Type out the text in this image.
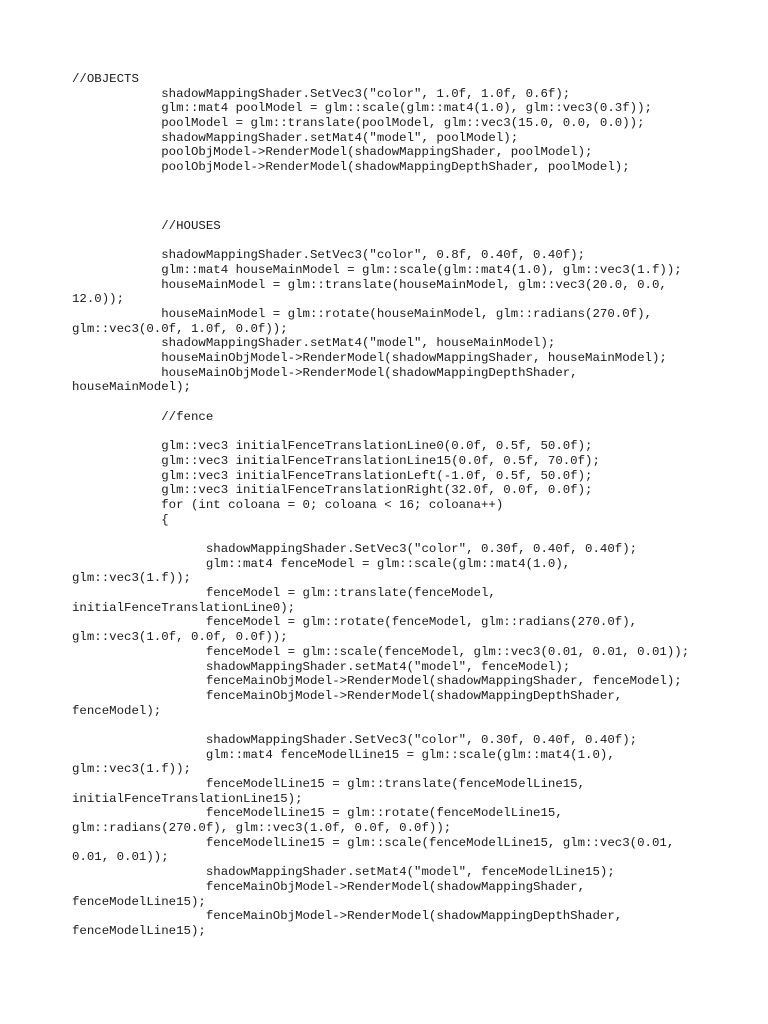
//OBJECTS
shadowMappingShader.SetVec3("color", 1.0f, 1.0f, 0.6f);
glm::mat4 poolModel = glm::scale(glm::mat4(1.0), glm::vec3(0.3f));
poolModel = glm::translate(poolModel, glm::vec3(15.0, 0.0, 0.0));
shadowMappingShader.setMat4("model", poolModel);
poolObjModel->RenderModel(shadowMappingShader, poolModel);
poolObjModel->RenderModel(shadowMappingDepthShader, poolModel);
//HOUSES
shadowMappingShader.SetVec3("color", 0.8f, 0.40f, 0.40f);
glm::mat4 houseMainModel = glm::scale(glm::mat4(1.0), glm::vec3(1.f));
houseMainModel = glm::translate(houseMainModel, glm::vec3(20.0, 0.0,
12.0));
houseMainModel = glm::rotate(houseMainModel, glm::radians(270.0f),
glm::vec3(0.0f, 1.0f, 0.0f));
shadowMappingShader.setMat4("model", houseMainModel);
houseMainObjModel->RenderModel(shadowMappingShader, houseMainModel);
houseMainObjModel->RenderModel(shadowMappingDepthShader,
houseMainModel);
//fence
glm::vec3 initialFenceTranslationLine0(0.0f, 0.5f, 50.0f);
glm::vec3 initialFenceTranslationLine15(0.0f, 0.5f, 70.0f);
glm::vec3 initialFenceTranslationLeft(-1.0f, 0.5f, 50.0f);
glm::vec3 initialFenceTranslationRight(32.0f, 0.0f, 0.0f);
for (int coloana = 0; coloana < 16; coloana++)
{
shadowMappingShader.SetVec3("color", 0.30f, 0.40f, 0.40f);
glm::mat4 fenceModel = glm::scale(glm::mat4(1.0),
glm::vec3(1.f));
fenceModel = glm::translate(fenceModel,
initialFenceTranslationLine0);
fenceModel = glm::rotate(fenceModel, glm::radians(270.0f),
glm::vec3(1.0f, 0.0f, 0.0f));
fenceModel = glm::scale(fenceModel, glm::vec3(0.01, 0.01, 0.01));
shadowMappingShader.setMat4("model", fenceModel);
fenceMainObjModel->RenderModel(shadowMappingShader, fenceModel);
fenceMainObjModel->RenderModel(shadowMappingDepthShader,
fenceModel);
shadowMappingShader.SetVec3("color", 0.30f, 0.40f, 0.40f);
glm::mat4 fenceModelLine15 = glm::scale(glm::mat4(1.0),
glm::vec3(1.f));
fenceModelLine15 = glm::translate(fenceModelLine15,
initialFenceTranslationLine15);
fenceModelLine15 = glm::rotate(fenceModelLine15,
glm::radians(270.0f), glm::vec3(1.0f, 0.0f, 0.0f));
fenceModelLine15 = glm::scale(fenceModelLine15, glm::vec3(0.01,
0.01, 0.01));
shadowMappingShader.setMat4("model", fenceModelLine15);
fenceMainObjModel->RenderModel(shadowMappingShader,
fenceModelLine15);
fenceMainObjModel->RenderModel(shadowMappingDepthShader,
fenceModelLine15);
